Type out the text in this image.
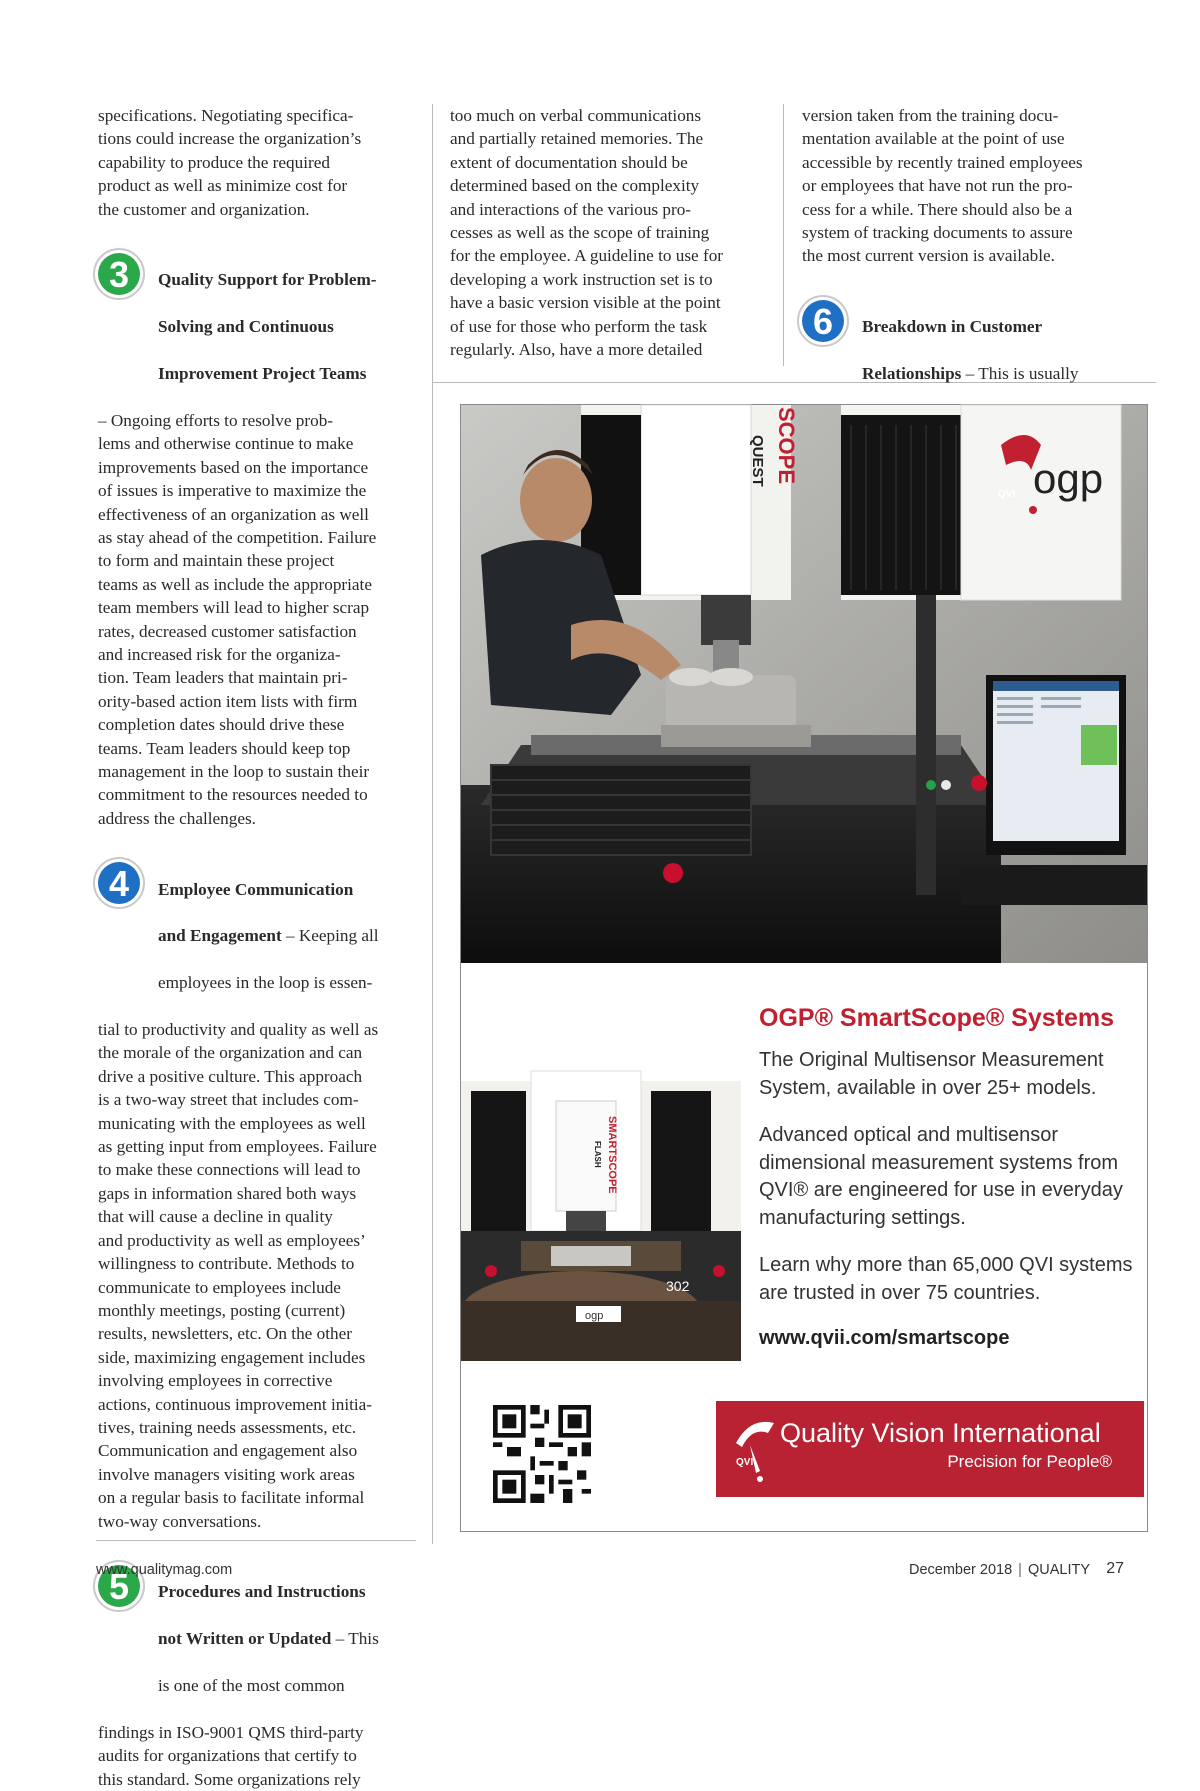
specifications. Negotiating specifica-
tions could increase the organization’s
capability to produce the required
product as well as minimize cost for
the customer and organization.
3	Quality Support for Problem-

Solving and Continuous

Improvement Project Teams

– Ongoing efforts to resolve prob-
lems and otherwise continue to make
improvements based on the importance
of issues is imperative to maximize the
effectiveness of an organization as well
as stay ahead of the competition. Failure
to form and maintain these project
teams as well as include the appropriate
team members will lead to higher scrap
rates, decreased customer satisfaction
and increased risk for the organiza-
tion. Team leaders that maintain pri-
ority-based action item lists with firm
completion dates should drive these
teams. Team leaders should keep top
management in the loop to sustain their
commitment to the resources needed to
address the challenges.

4	Employee Communication

and Engagement – Keeping all

employees in the loop is essen-

tial to productivity and quality as well as
the morale of the organization and can
drive a positive culture. This approach
is a two-way street that includes com-
municating with the employees as well
as getting input from employees. Failure
to make these connections will lead to
gaps in information shared both ways
that will cause a decline in quality
and productivity as well as employees’
willingness to contribute. Methods to
communicate to employees include
monthly meetings, posting (current)
results, newsletters, etc. On the other
side, maximizing engagement includes
involving employees in corrective
actions, continuous improvement initia-
tives, training needs assessments, etc.
Communication and engagement also
involve managers visiting work areas
on a regular basis to facilitate informal
two-way conversations.

5	Procedures and Instructions

not Written or Updated – This

is one of the most common

findings in ISO-9001 QMS third-party
audits for organizations that certify to
this standard. Some organizations rely

too much on verbal communications
and partially retained memories. The
extent of documentation should be
determined based on the complexity
and interactions of the various pro-
cesses as well as the scope of training
for the employee. A guideline to use for
developing a work instruction set is to
have a basic version visible at the point
of use for those who perform the task
regularly. Also, have a more detailed
version taken from the training docu-
mentation available at the point of use
accessible by recently trained employees
or employees that have not run the pro-
cess for a while. There should also be a
system of tracking documents to assure
the most current version is available.
6	Breakdown in Customer

Relationships – This is usually

SCOPE
QUEST	ogp
QVI
SMARTSCOPE
FLASH
302
ogp
OGP® SmartScope® Systems
The Original Multisensor Measurement System, available in over 25+ models.
Advanced optical and multisensor dimensional measurement systems from QVI® are engineered for use in everyday manufacturing settings.
Learn why more than 65,000 QVI systems are trusted in over 75 countries.
www.qvii.com/smartscope
QVI
Quality Vision International
Precision for People®
www.qualitymag.com	December 2018 | QUALITY 27
